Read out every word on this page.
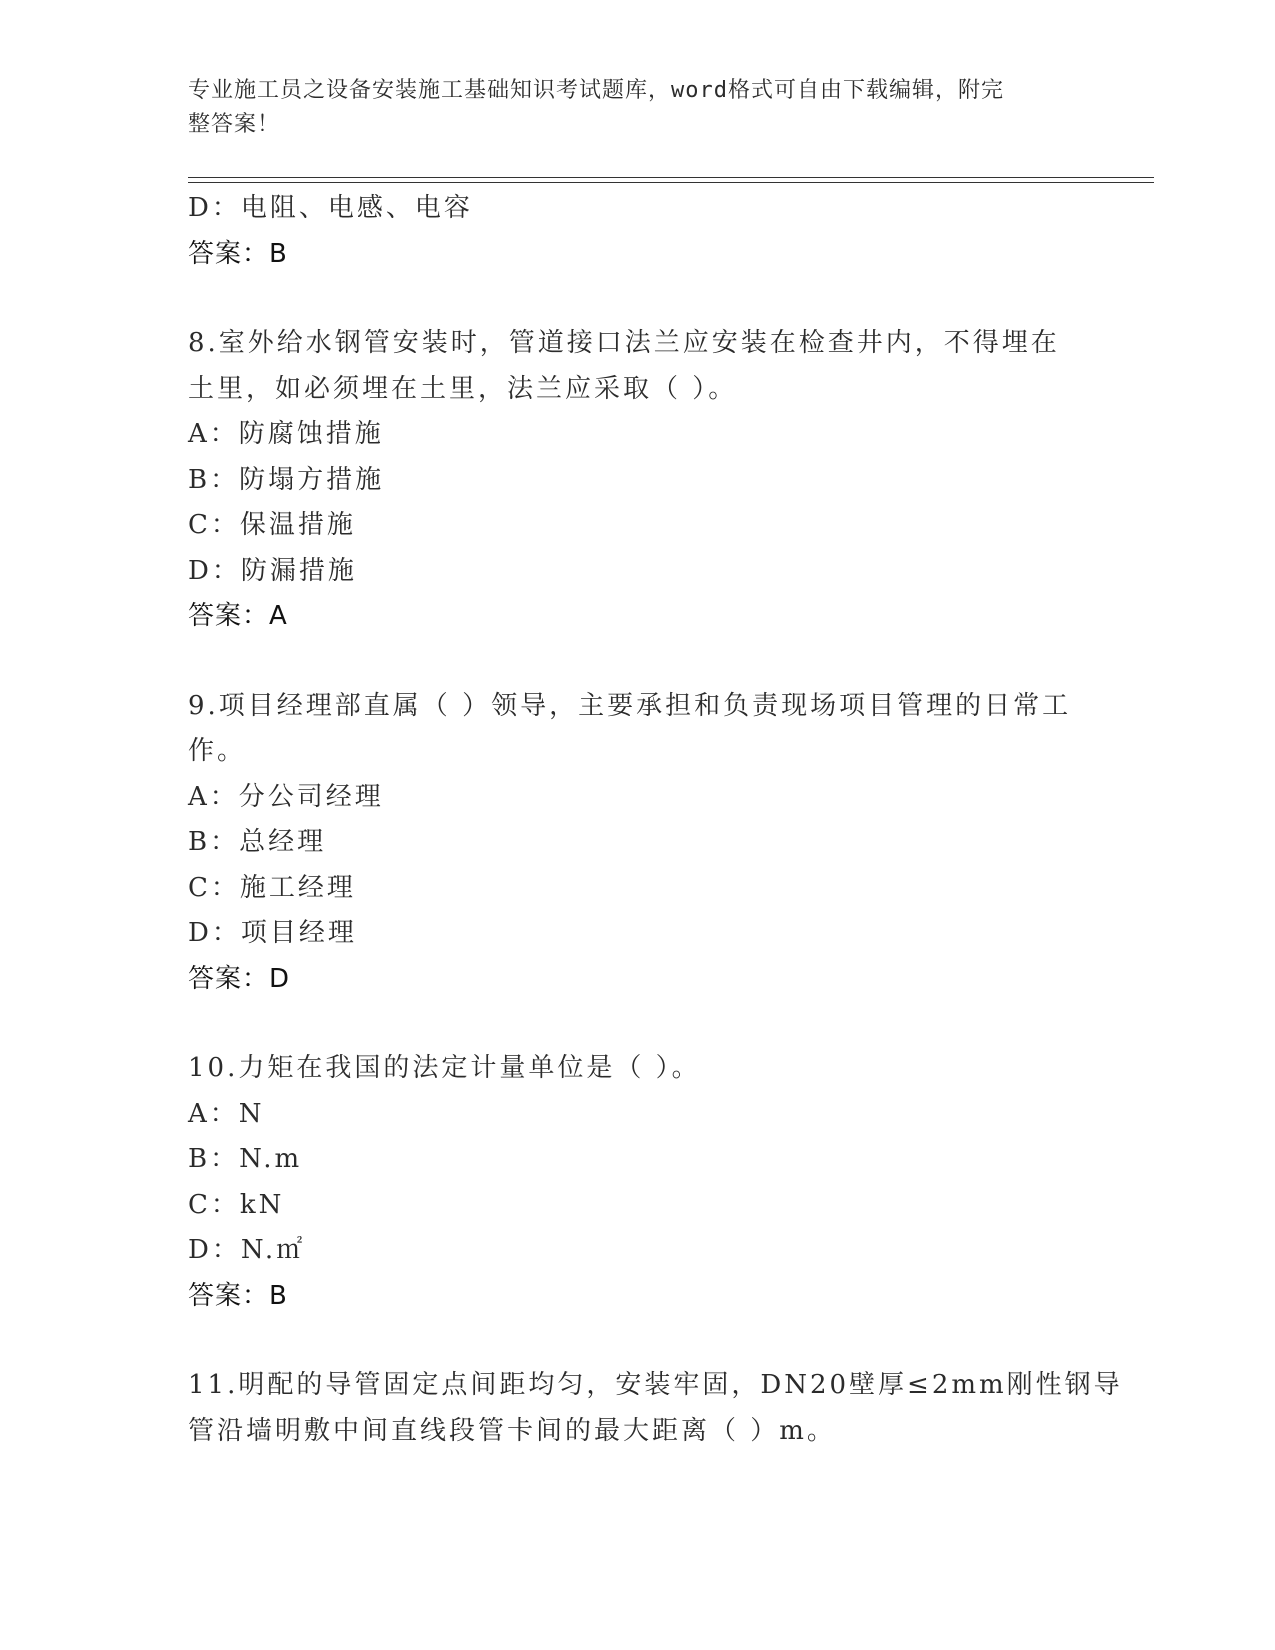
专业施工员之设备安装施工基础知识考试题库，word格式可自由下载编辑，附完
整答案！
D：电阻、电感、电容
答案：B
8.室外给水钢管安装时，管道接口法兰应安装在检查井内，不得埋在
土里，如必须埋在土里，法兰应采取（ ）。
A：防腐蚀措施
B：防塌方措施
C：保温措施
D：防漏措施
答案：A
9.项目经理部直属（ ）领导，主要承担和负责现场项目管理的日常工
作。
A：分公司经理
B：总经理
C：施工经理
D：项目经理
答案：D
10.力矩在我国的法定计量单位是（ ）。
A：N
B：N.m
C：kN
D：N.㎡
答案：B
11.明配的导管固定点间距均匀，安装牢固，DN20壁厚≤2mm刚性钢导
管沿墙明敷中间直线段管卡间的最大距离（ ）m。
